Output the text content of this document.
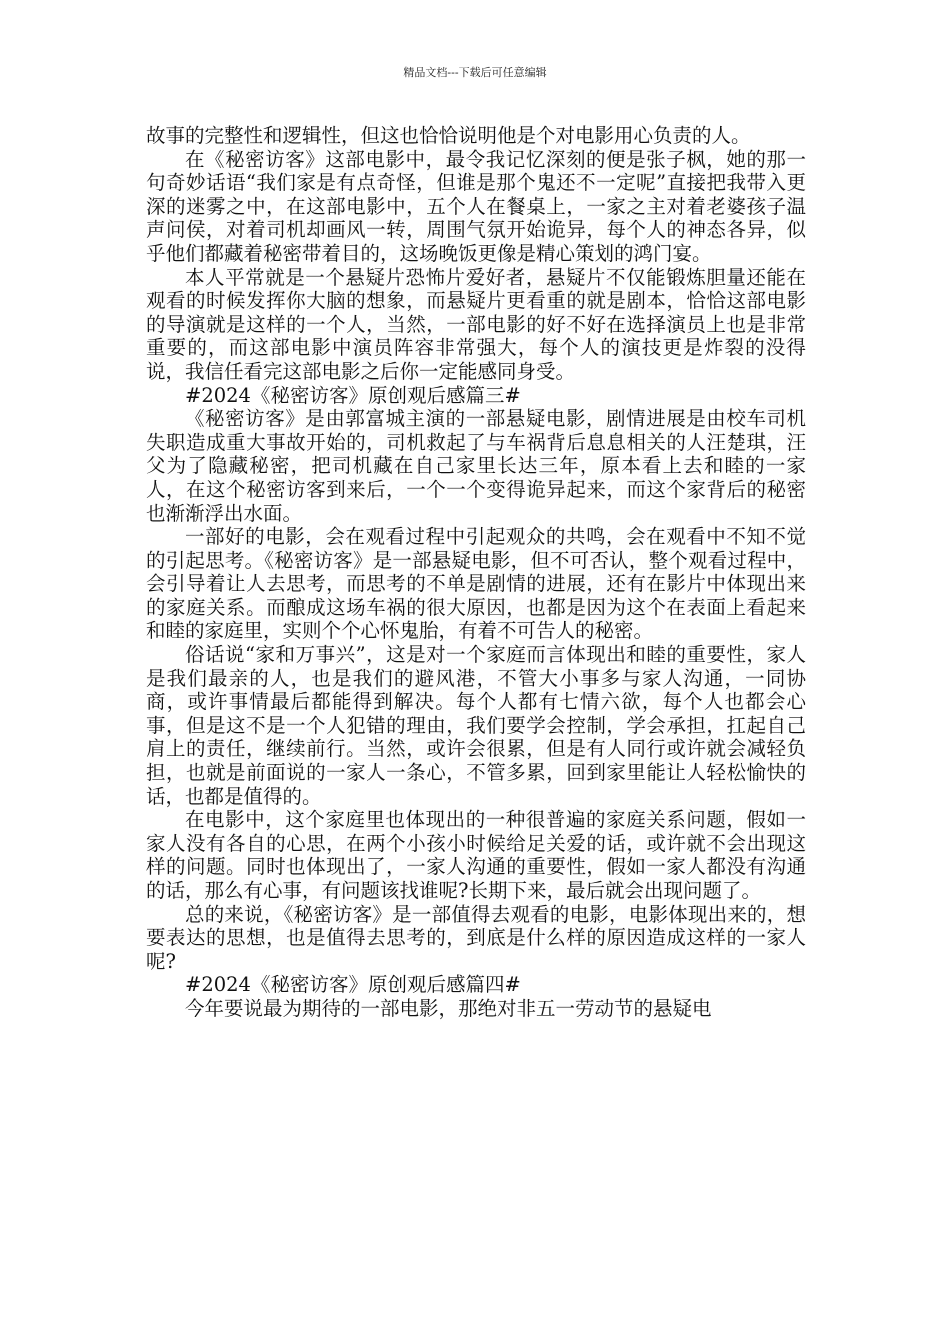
精品文档---下载后可任意编辑

故事的完整性和逻辑性，但这也恰恰说明他是个对电影用心负责的人。

在《秘密访客》这部电影中，最令我记忆深刻的便是张子枫，她的那一句奇妙话语“我们家是有点奇怪，但谁是那个鬼还不一定呢”直接把我带入更深的迷雾之中，在这部电影中，五个人在餐桌上，一家之主对着老婆孩子温声问侯，对着司机却画风一转，周围气氛开始诡异，每个人的神态各异，似乎他们都藏着秘密带着目的，这场晚饭更像是精心策划的鸿门宴。

本人平常就是一个悬疑片恐怖片爱好者，悬疑片不仅能锻炼胆量还能在观看的时候发挥你大脑的想象，而悬疑片更看重的就是剧本，恰恰这部电影的导演就是这样的一个人，当然，一部电影的好不好在选择演员上也是非常重要的，而这部电影中演员阵容非常强大，每个人的演技更是炸裂的没得说，我信任看完这部电影之后你一定能感同身受。

#2024《秘密访客》原创观后感篇三#

《秘密访客》是由郭富城主演的一部悬疑电影，剧情进展是由校车司机失职造成重大事故开始的，司机救起了与车祸背后息息相关的人汪楚琪，汪父为了隐藏秘密，把司机藏在自己家里长达三年，原本看上去和睦的一家人，在这个秘密访客到来后，一个一个变得诡异起来，而这个家背后的秘密也渐渐浮出水面。

一部好的电影，会在观看过程中引起观众的共鸣，会在观看中不知不觉的引起思考。《秘密访客》是一部悬疑电影，但不可否认，整个观看过程中，会引导着让人去思考，而思考的不单是剧情的进展，还有在影片中体现出来的家庭关系。而酿成这场车祸的很大原因，也都是因为这个在表面上看起来和睦的家庭里，实则个个心怀鬼胎，有着不可告人的秘密。

俗话说“家和万事兴”，这是对一个家庭而言体现出和睦的重要性，家人是我们最亲的人，也是我们的避风港，不管大小事多与家人沟通，一同协商，或许事情最后都能得到解决。每个人都有七情六欲，每个人也都会心事，但是这不是一个人犯错的理由，我们要学会控制，学会承担，扛起自己肩上的责任，继续前行。当然，或许会很累，但是有人同行或许就会减轻负担，也就是前面说的一家人一条心，不管多累，回到家里能让人轻松愉快的话，也都是值得的。

在电影中，这个家庭里也体现出的一种很普遍的家庭关系问题，假如一家人没有各自的心思，在两个小孩小时候给足关爱的话，或许就不会出现这样的问题。同时也体现出了，一家人沟通的重要性，假如一家人都没有沟通的话，那么有心事，有问题该找谁呢?长期下来，最后就会出现问题了。

总的来说，《秘密访客》是一部值得去观看的电影，电影体现出来的，想要表达的思想，也是值得去思考的，到底是什么样的原因造成这样的一家人呢?

#2024《秘密访客》原创观后感篇四#

今年要说最为期待的一部电影，那绝对非五一劳动节的悬疑电
